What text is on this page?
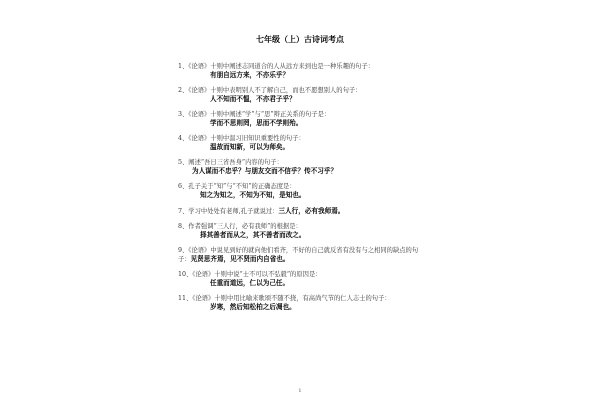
七年级（上）古诗词考点
1、《论语》十则中阐述志同道合的人从远方来到也是一种乐趣的句子：
有朋自远方来，不亦乐乎？
2、《论语》十则中表明别人不了解自己，而也不愿想别人的句子：
人不知而不愠，不亦君子乎？
3、《论语》十则中阐述“学”与“思”辩正关系的句子是：
学而不思则罔，思而不学则殆。
4、《论语》十则中温习旧知识重要性的句子：
温故而知新，可以为师矣。
5、阐述“吾日三省吾身”内容的句子：
为人谋而不忠乎？与朋友交而不信乎？传不习乎？
6、孔子关于“知”与“不知”的正确态度是：
知之为知之，不知为不知，是知也。
7、学习中处处有老师,孔子就说过：三人行，必有我师焉。
8、作者强调“三人行，必有我师”的根据是：
择其善者而从之，其不善者而改之。
9、《论语》中说见到好的就向他们看齐，不好的自己就反省有没有与之相同的缺点的句子：见贤思齐焉，见不贤而内自省也。
10、《论语》十则中说“士不可以不弘毅”的原因是：
任重而道远，仁以为己任。
11、《论语》十则中用比喻来歌颂不随不挠，有高尚气节的仁人志士的句子：
岁寒，然后知松柏之后凋也。
1
